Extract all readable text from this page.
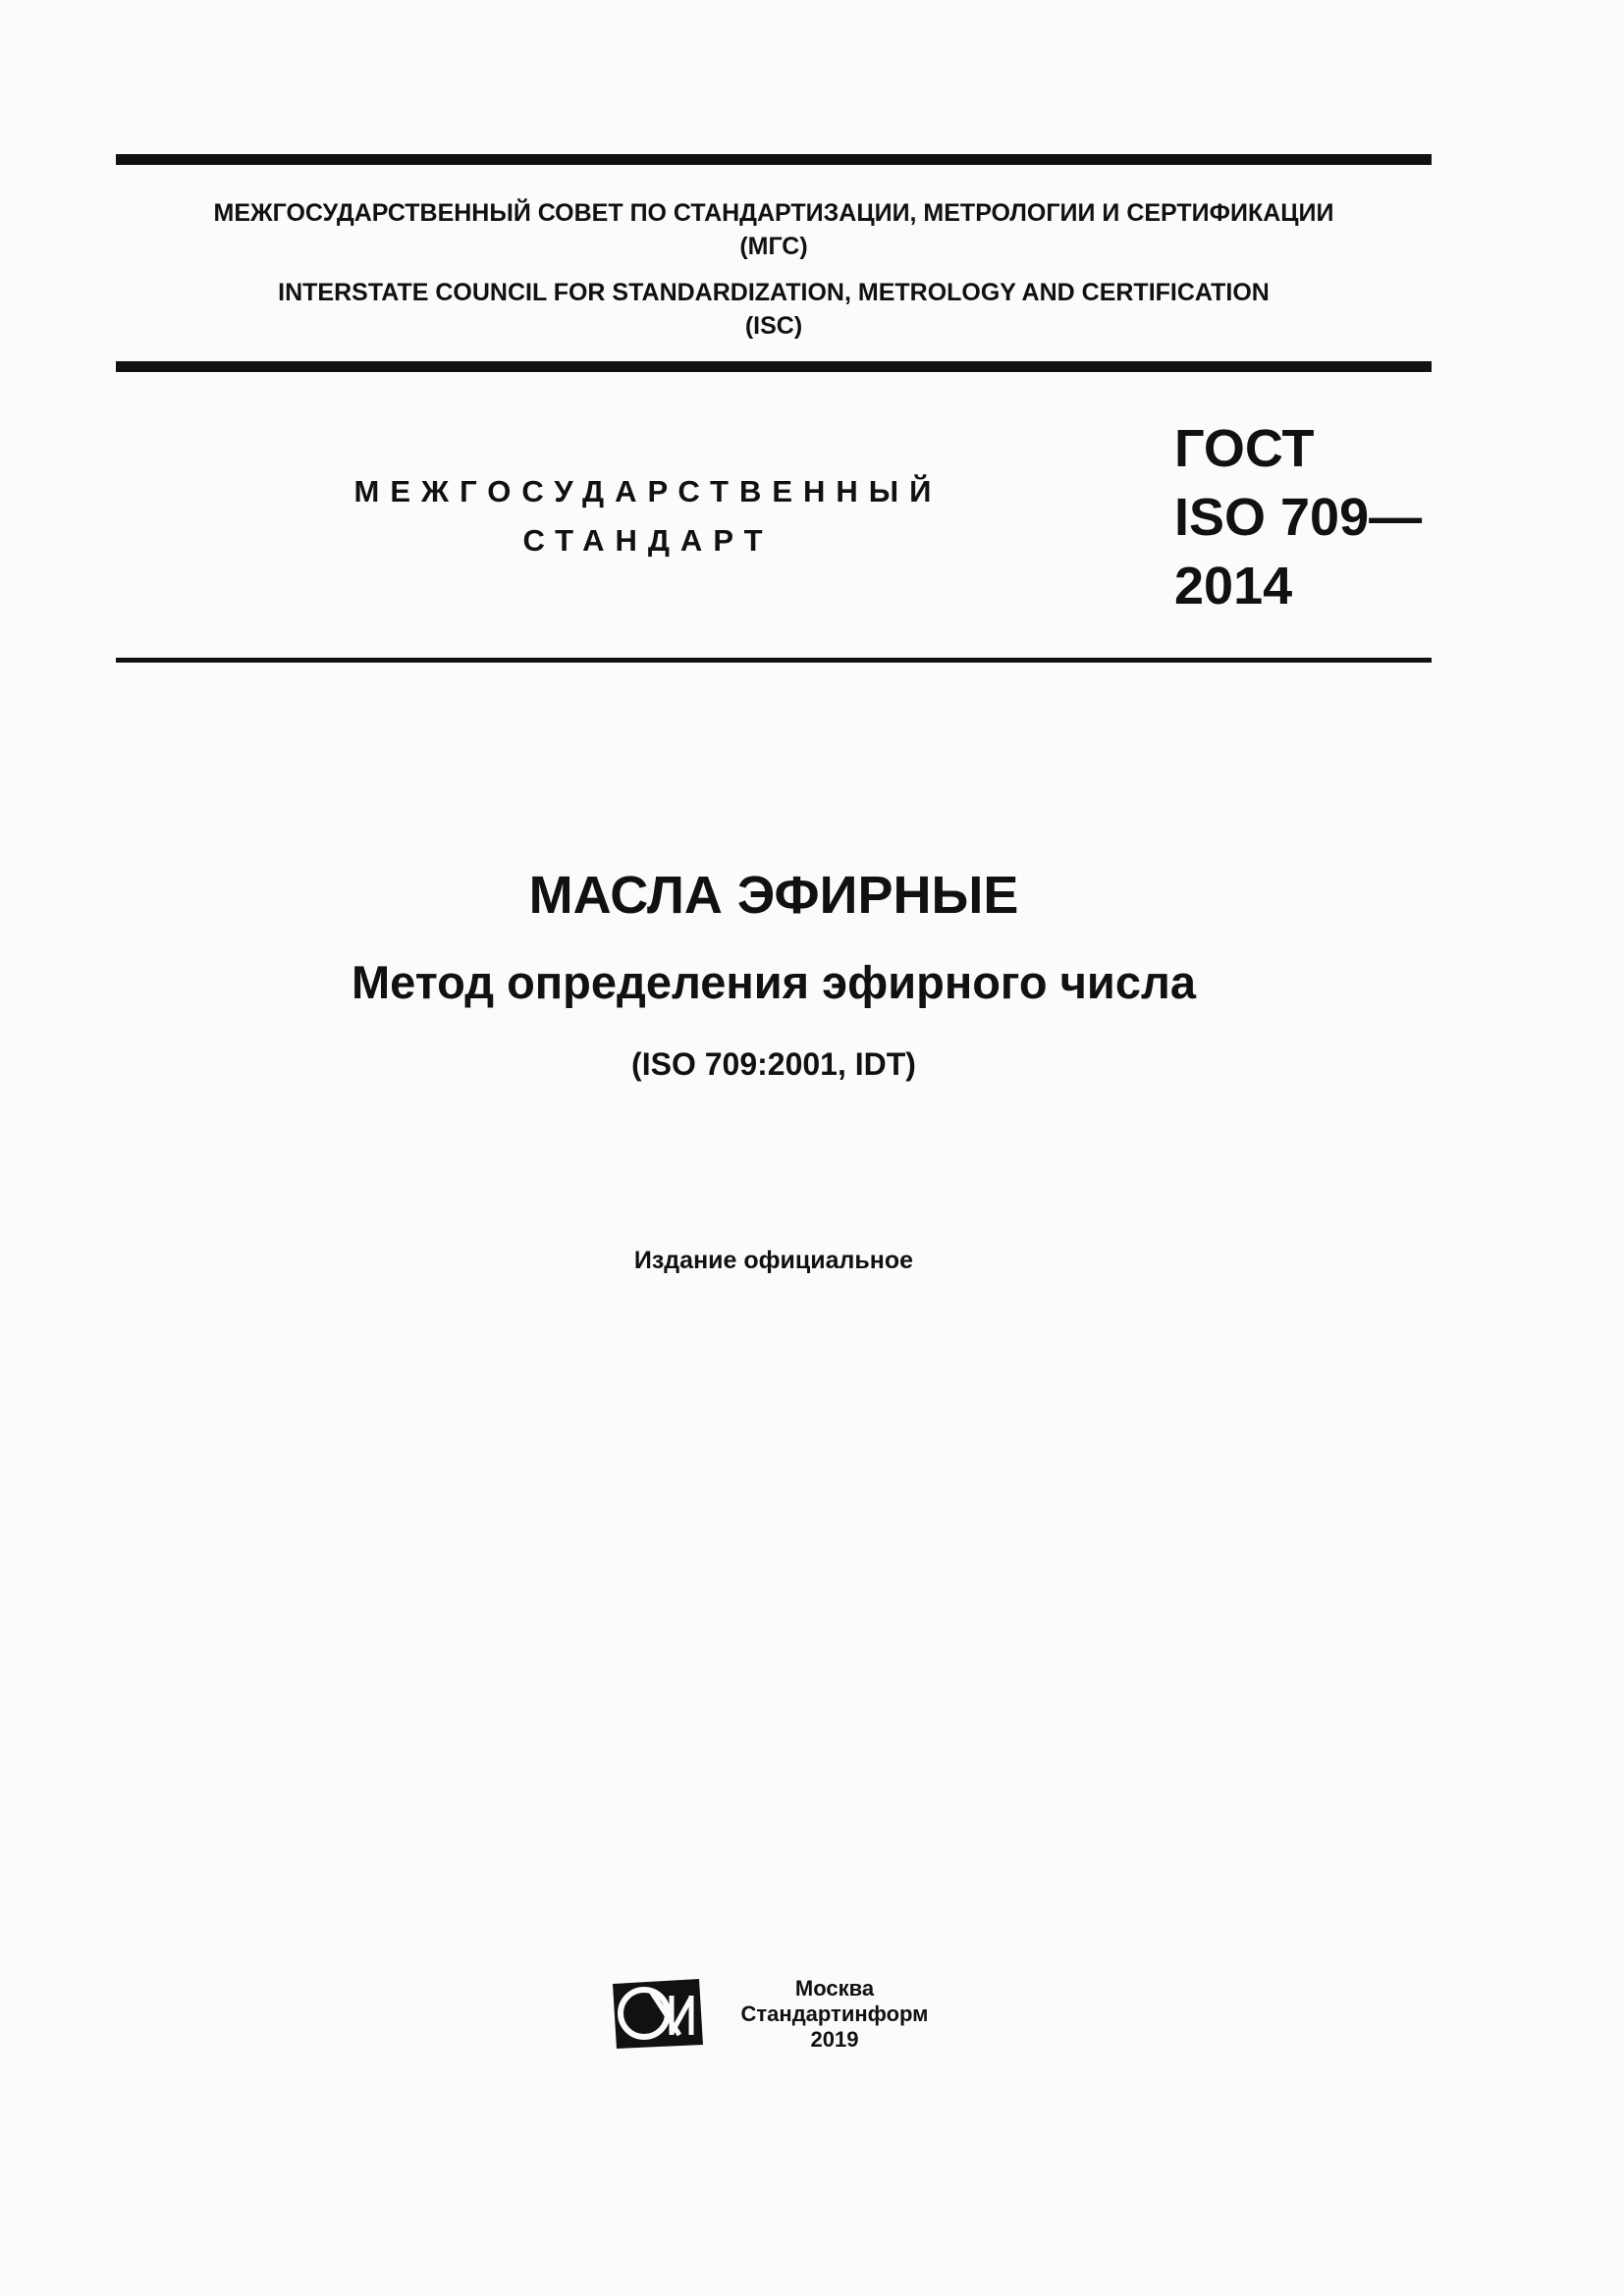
МЕЖГОСУДАРСТВЕННЫЙ СОВЕТ ПО СТАНДАРТИЗАЦИИ, МЕТРОЛОГИИ И СЕРТИФИКАЦИИ
(МГС)
INTERSTATE COUNCIL FOR STANDARDIZATION, METROLOGY AND CERTIFICATION
(ISC)
МЕЖГОСУДАРСТВЕННЫЙ
СТАНДАРТ
ГОСТ
ISO 709—
2014
МАСЛА ЭФИРНЫЕ
Метод определения эфирного числа
(ISO 709:2001, IDT)
Издание официальное
Москва
Стандартинформ
2019
